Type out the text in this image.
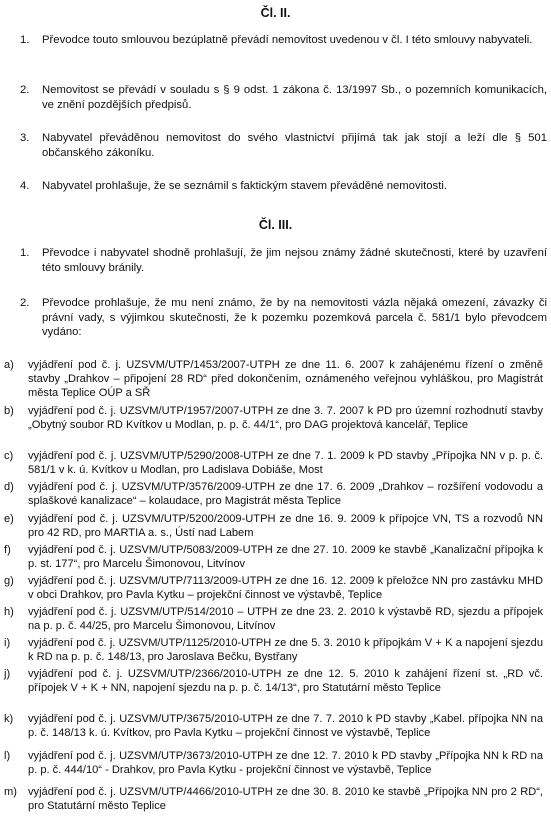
Čl. II.
1.	Převodce touto smlouvou bezúplatně převádí nemovitost uvedenou v čl. I této smlouvy nabyvateli.
2.	Nemovitost se převádí v souladu s § 9 odst. 1 zákona č. 13/1997 Sb., o pozemních komunikacích, ve znění pozdějších předpisů.
3.	Nabyvatel převáděnou nemovitost do svého vlastnictví přijímá tak jak stojí a leží dle § 501 občanského zákoníku.
4.	Nabyvatel prohlašuje, že se seznámil s faktickým stavem převáděné nemovitosti.
Čl. III.
1.	Převodce i nabyvatel shodně prohlašují, že jim nejsou známy žádné skutečnosti, které by uzavření této smlouvy bránily.
2.	Převodce prohlašuje, že mu není známo, že by na nemovitosti vázla nějaká omezení, závazky či právní vady, s výjimkou skutečnosti, že k pozemku pozemková parcela č. 581/1 bylo převodcem vydáno:
a)	vyjádření pod č. j. UZSVM/UTP/1453/2007-UTPH ze dne 11. 6. 2007 k zahájenému řízení o změně stavby „Drahkov – připojení 28 RD“ před dokončením, oznámeného veřejnou vyhláškou, pro Magistrát města Teplice OÚP a SŘ
b)	vyjádření pod č. j. UZSVM/UTP/1957/2007-UTPH ze dne 3. 7. 2007 k PD pro územní rozhodnutí stavby „Obytný soubor RD Kvítkov u Modlan, p. p. č. 44/1“, pro DAG projektová kancelář, Teplice
c)	vyjádření pod č. j. UZSVM/UTP/5290/2008-UTPH ze dne 7. 1. 2009 k PD stavby „Přípojka NN v p. p. č. 581/1 v k. ú. Kvítkov u Modlan, pro Ladislava Dobiáše, Most
d)	vyjádření pod č. j. UZSVM/UTP/3576/2009-UTPH ze dne 17. 6. 2009 „Drahkov – rozšíření vodovodu a splaškové kanalizace“ – kolaudace, pro Magistrát města Teplice
e)	vyjádření pod č. j. UZSVM/UTP/5200/2009-UTPH ze dne 16. 9. 2009 k přípojce VN, TS a rozvodů NN pro 42 RD, pro MARTIA a. s., Ústí nad Labem
f)	vyjádření pod č. j. UZSVM/UTP/5083/2009-UTPH ze dne 27. 10. 2009 ke stavbě „Kanalizační přípojka k p. st. 177“, pro Marcelu Šimonovou, Litvínov
g)	vyjádření pod č. j. UZSVM/UTP/7113/2009-UTPH ze dne 16. 12. 2009 k přeložce NN pro zastávku MHD v obci Drahkov, pro Pavla Kytku – projekční činnost ve výstavbě, Teplice
h)	vyjádření pod č. j. UZSVM/UTP/514/2010 – UTPH ze dne 23. 2. 2010 k výstavbě RD, sjezdu a přípojek na p. p. č. 44/25, pro Marcelu Šimonovou, Litvínov
i)	vyjádření pod č. j. UZSVM/UTP/1125/2010-UTPH ze dne 5. 3. 2010 k přípojkám V + K a napojení sjezdu k RD na p. p. č. 148/13, pro Jaroslava Bečku, Bystřany
j)	vyjádření pod č. j. UZSVM/UTP/2366/2010-UTPH ze dne 12. 5. 2010 k zahájení řízení st. „RD vč. přípojek V + K + NN, napojení sjezdu na p. p. č. 14/13“, pro Statutární město Teplice
k)	vyjádření pod č. j. UZSVM/UTP/3675/2010-UTPH ze dne 7. 7. 2010 k PD stavby „Kabel. přípojka NN na p. č. 148/13 k. ú. Kvítkov, pro Pavla Kytku – projekční činnost ve výstavbě, Teplice
l)	vyjádření pod č. j. UZSVM/UTP/3673/2010-UTPH ze dne 12. 7. 2010 k PD stavby „Přípojka NN k RD na p. p. č. 444/10“ - Drahkov, pro Pavla Kytku - projekční činnost ve výstavbě, Teplice
m) vyjádření pod č. j. UZSVM/UTP/4466/2010-UTPH ze dne 30. 8. 2010 ke stavbě „Přípojka NN pro 2 RD“, pro Statutární město Teplice
